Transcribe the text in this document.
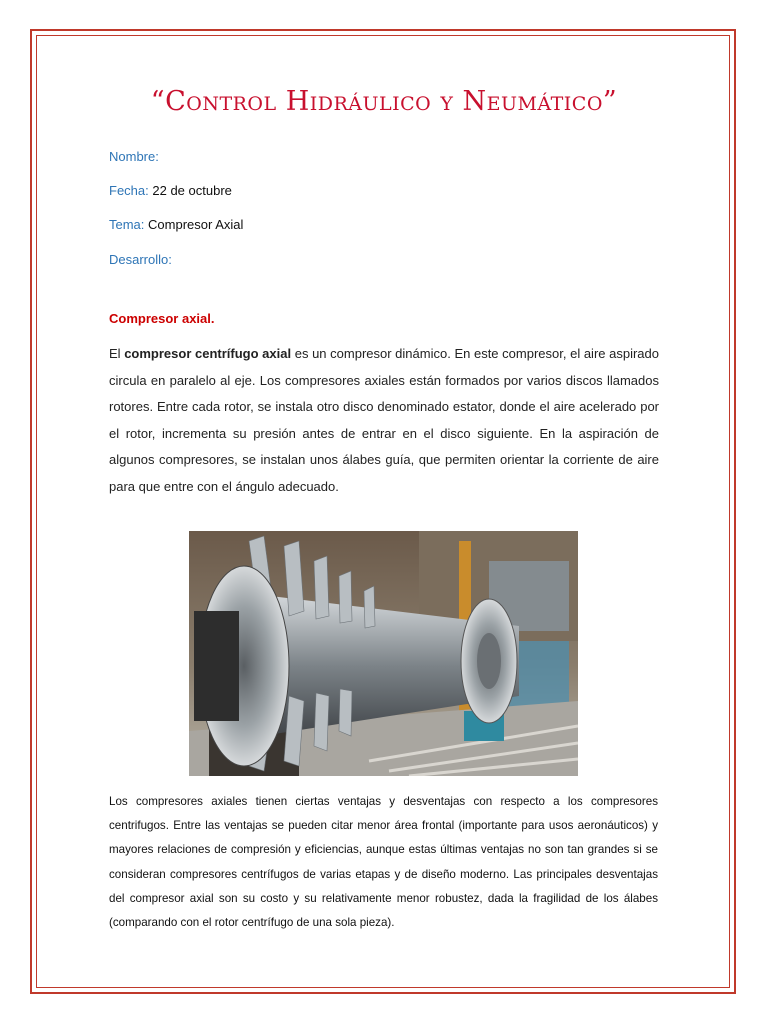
“Control Hidráulico y Neumático”
Nombre:
Fecha: 22 de octubre
Tema: Compresor Axial
Desarrollo:
Compresor axial.
El compresor centrífugo axial es un compresor dinámico. En este compresor, el aire aspirado circula en paralelo al eje. Los compresores axiales están formados por varios discos llamados rotores. Entre cada rotor, se instala otro disco denominado estator, donde el aire acelerado por el rotor, incrementa su presión antes de entrar en el disco siguiente. En la aspiración de algunos compresores, se instalan unos álabes guía, que permiten orientar la corriente de aire para que entre con el ángulo adecuado.
Los compresores axiales tienen ciertas ventajas y desventajas con respecto a los compresores centrifugos. Entre las ventajas se pueden citar menor área frontal (importante para usos aeronáuticos) y mayores relaciones de compresión y eficiencias, aunque estas últimas ventajas no son tan grandes si se consideran compresores centrífugos de varias etapas y de diseño moderno. Las principales desventajas del compresor axial son su costo y su relativamente menor robustez, dada la fragilidad de los álabes (comparando con el rotor centrífugo de una sola pieza).
